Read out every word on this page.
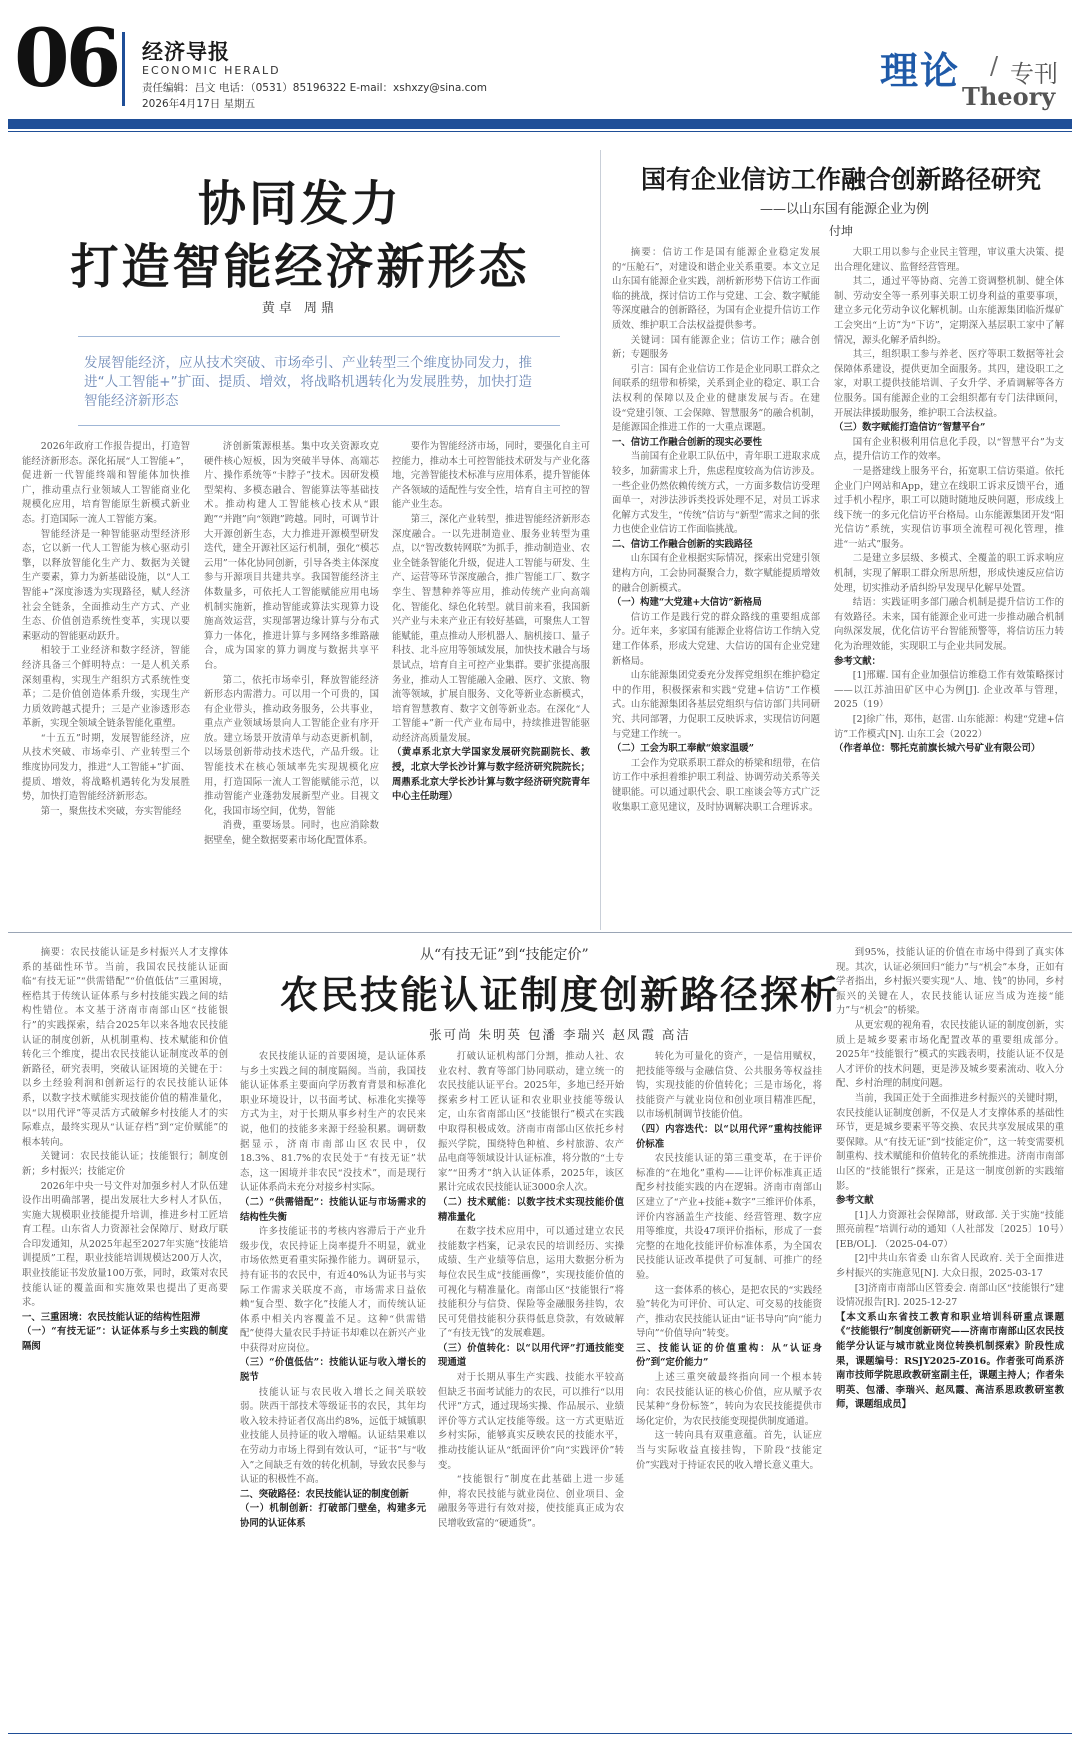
06 经济导报
ECONOMIC HERALD
责任编辑：吕文 电话：（0531）85196322 E-mail：xshxzy@sina.com
2026年4月17日 星期五
理论 / 专刊
Theory
协同发力
打造智能经济新形态
黄卓 周鼎
发展智能经济，应从技术突破、市场牵引、产业转型三个维度协同发力，推进“人工智能+”扩面、提质、增效，将战略机遇转化为发展胜势，加快打造智能经济新形态

2026年政府工作报告提出，打造智能经济新形态。深化拓展“人工智能+”，促进新一代智能终端和智能体加快推广，推动重点行业领域人工智能商业化规模化应用，培育智能原生新模式新业态。打造国际一流人工智能方案。

智能经济是一种智能驱动型经济形态，它以新一代人工智能为核心驱动引擎，以释放智能化生产力、数据为关键生产要素，算力为新基础设施，以“人工智能+”深度渗透为实现路径，赋人经济社会全链条，全面推动生产方式、产业生态、价值创造系统性变革，实现以要素驱动的智能驱动跃升。

相较于工业经济和数字经济，智能经济具备三个鲜明特点：一是人机关系深刻重构，实现生产组织方式系统性变革；二是价值创造体系升级，实现生产力质效跨越式提升；三是产业渗透形态革新，实现全领域全链条智能化重塑。

“十五五”时期，发展智能经济，应从技术突破、市场牵引、产业转型三个维度协同发力，推进“人工智能+”扩面、提质、增效，将战略机遇转化为发展胜势，加快打造智能经济新形态。

第一，聚焦技术突破，夯实智能经

济创新策源根基。集中攻关资源攻克硬件核心短板，因为突破半导体、高端芯片、操作系统等“卡脖子”技术。因研发模型架构、多模态融合、智能算法等基础技术。推动构建人工智能核心技术从“跟跑”“并跑”向“领跑”跨越。同时，可调节计大开源创新生态，大力推进开源模型研发迭代，建全开源社区运行机制，强化“模芯云用”一体化协同创新，引导各类主体深度参与开源项目共建共享。我国智能经济主体数量多，可依托人工智能赋能应用电场机制实施新，推动智能或算法实现算力设施高效运营，实现部署边缘计算与分布式算力一体化，推进计算与多网络多维路融合，成为国家的算力调度与数据共享平台。

第二，依托市场牵引，释放智能经济新形态内需潜力。可以用一个可贵的，国有企业带头，推动政务服务，公共事业，重点产业领域场景向人工智能企业有序开放。建立场景开放清单与动态更新机制，以场景创新带动技术迭代，产品升级。让智能技术在核心领域率先实现规模化应用，打造国际一流人工智能赋能示范，以推动智能产业蓬勃发展新型产业。目视文化，我国市场空间，优势，智能

消费，重要场景。同时，也应消除数据壁垒，健全数据要素市场化配置体系。

要作为智能经济市场，同时，要强化自主可控能力，推动本土可控智能技术研发与产业化落地，完善智能技术标准与应用体系，提升智能体产各领域的适配性与安全性，培育自主可控的智能产业生态。

第三，深化产业转型，推进智能经济新形态深度融合。一以先进制造业、服务业转型为重点，以“智改数转网联”为抓手，推动制造业、农业全链条智能化升级，促进人工智能与研发、生产、运营等环节深度融合，推广智能工厂、数字孪生、智慧种养等应用，推动传统产业向高端化、智能化、绿色化转型。就目前来看，我国新兴产业与未来产业正有较好基础，可聚焦人工智能赋能，重点推动人形机器人、脑机接口、量子科技、北斗应用等领域发展，加快技术融合与场景试点，培育自主可控产业集群。要扩张提高服务业，推动人工智能融入金融、医疗、文旅、物流等领域，扩展自服务、文化等新业态新模式，培育智慧教育、数字文创等新业态。在深化“人工智能+”新一代产业布局中，持续推进智能驱动经济高质量发展。

（黄卓系北京大学国家发展研究院副院长、教授，北京大学长沙计算与数字经济研究院院长；周鼎系北京大学长沙计算与数字经济研究院青年中心主任助理）

国有企业信访工作融合创新路径研究
——以山东国有能源企业为例
付坤

摘要：信访工作是国有能源企业稳定发展的“压舱石”，对建设和谐企业关系重要。本文立足山东国有能源企业实践，剖析新形势下信访工作面临的挑战，探讨信访工作与党建、工会、数字赋能等深度融合的创新路径，为国有企业提升信访工作质效、维护职工合法权益提供参考。

关键词：国有能源企业；信访工作；融合创新；专题服务

引言：国有企业信访工作是企业同职工群众之间联系的纽带和桥梁，关系到企业的稳定、职工合法权利的保障以及企业的健康发展与否。在建设“党建引领、工会保障、智慧服务”的融合机制，是能源国企推进工作的一大重点课题。

一、信访工作融合创新的现实必要性

当前国有企业职工队伍中，青年职工进取求成较多，加薪需求上升，焦虑程度较高为信访涉及。一些企业仍然依赖传统方式，一方面多数信访受理面单一，对涉法涉诉类投诉处理不足，对员工诉求化解方式发生，“传统”信访与“新型”需求之间的张力也使企业信访工作面临挑战。

二、信访工作融合创新的实践路径

山东国有企业根据实际情况，探索出党建引领建构方向，工会协同凝聚合力，数字赋能提质增效的融合创新模式。

（一）构建“大党建+大信访”新格局

信访工作是践行党的群众路线的重要组成部分。近年来，多家国有能源企业将信访工作纳入党建工作体系，形成大党建、大信访的国有企业党建新格局。

山东能源集团党委充分发挥党组织在维护稳定中的作用，积极探索和实践“党建+信访”工作模式。山东能源集团各基层党组织与信访部门共同研究、共同部署，力促职工反映诉求，实现信访问题与党建工作统一。

（二）工会为职工奉献“娘家温暖”

工会作为党联系职工群众的桥梁和纽带，在信访工作中承担着维护职工利益、协调劳动关系等关键职能。可以通过职代会、职工座谈会等方式广泛收集职工意见建议，及时协调解决职工合理诉求。

大职工用以参与企业民主管理，审议重大决策、提出合理化建议、监督经营管理。

其二，通过平等协商、完善工资调整机制、健全体制、劳动安全等一系列事关职工切身利益的重要事项，建立多元化劳动争议化解机制。山东能源集团临沂煤矿工会突出“上访”为“下访”，定期深入基层职工家中了解情况，源头化解矛盾纠纷。

其三，组织职工参与养老、医疗等职工数据等社会保障体系建设，提供更加全面服务。其四，建设职工之家，对职工提供技能培训、子女升学、矛盾调解等各方位服务。国有能源企业的工会组织都有专门法律顾问，开展法律援助服务，维护职工合法权益。

（三）数字赋能打造信访“智慧平台”

国有企业积极利用信息化手段，以“智慧平台”为支点，提升信访工作的效率。

一是搭建线上服务平台，拓宽职工信访渠道。依托企业门户网站和App，建立在线职工诉求反馈平台，通过手机小程序，职工可以随时随地反映问题，形成线上线下统一的多元化信访平台格局。山东能源集团开发“阳光信访”系统，实现信访事项全流程可视化管理，推进“一站式”服务。

二是建立多层级、多模式、全覆盖的职工诉求响应机制，实现了解职工群众所思所想，形成快速反应信访处理，切实推动矛盾纠纷早发现早化解早处置。

结语：实践证明多部门融合机制是提升信访工作的有效路径。未来，国有能源企业可进一步推动融合机制向纵深发展，优化信访平台智能预警等，将信访压力转化为治理效能，实现职工与企业共同发展。

参考文献：

[1]邢耀. 国有企业加强信访维稳工作有效策略探讨——以江苏油田矿区中心为例[J]. 企业改革与管理，2025（19）

[2]徐广伟，郑伟，赵雷. 山东能源：构建“党建+信访”工作模式[N]. 山东工会（2022）

（作者单位：鄂托克前旗长城六号矿业有限公司）

从“有技无证”到“技能定价”
农民技能认证制度创新路径探析
张可尚 朱明英 包潘 李瑞兴 赵凤霞 高洁

摘要：农民技能认证是乡村振兴人才支撑体系的基础性环节。当前，我国农民技能认证面临“有技无证”“供需错配”“价值低估”三重困境，桎梏其于传统认证体系与乡村技能实践之间的结构性错位。本文基于济南市南部山区“技能银行”的实践探索，结合2025年以来各地农民技能认证的制度创新，从机制重构、技术赋能和价值转化三个维度，提出农民技能认证制度改革的创新路径，研究表明，突破认证困境的关键在于：以乡土经验利润和创新运行的农民技能认证体系，以数字技术赋能实现技能价值的精准量化，以“以用代评”等灵活方式破解乡村技能人才的实际难点，最终实现从“认证存档”到“定价赋能”的根本转向。

关键词：农民技能认证；技能银行；制度创新；乡村振兴；技能定价

2026年中央一号文件对加强乡村人才队伍建设作出明确部署，提出发展壮大乡村人才队伍，实施大规模职业技能提升培训，推进乡村工匠培育工程。山东省人力资源社会保障厅、财政厅联合印发通知，从2025年起至2027年实施“技能培训提质”工程，职业技能培训规模达200万人次，职业技能证书发放量100万张，同时，政策对农民技能认证的覆盖面和实施效果也提出了更高要求。

一、三重困境：农民技能认证的结构性阻滞

（一）“有技无证”：认证体系与乡土实践的制度隔阂

农民技能认证的首要困境，是认证体系与乡土实践之间的制度隔阂。当前，我国技能认证体系主要面向学历教育背景和标准化职业环境设计，以书面考试、标准化实操等方式为主，对于长期从事乡村生产的农民来说，他们的技能多来源于经验积累。调研数据显示，济南市南部山区农民中，仅18.3%、81.7%的农民处于“有技无证”状态，这一困境并非农民“没技术”，而是现行认证体系尚未充分对接乡村实际。

（二）“供需错配”：技能认证与市场需求的结构性失衡

许多技能证书的考核内容滞后于产业升级步伐，农民持证上岗率提升不明显，就业市场依然更看重实际操作能力。调研显示，持有证书的农民中，有近40%认为证书与实际工作需求关联度不高，市场需求日益依赖“复合型、数字化”技能人才，而传统认证体系中相关内容覆盖不足。这种“供需错配”使得大量农民手持证书却难以在新兴产业中获得对应岗位。

（三）“价值低估”：技能认证与收入增长的脱节

技能认证与农民收入增长之间关联较弱。陕西干部技术等级证书的农民，其年均收入较未持证者仅高出约8%，远低于城镇职业技能人员持证的收入增幅。认证结果难以在劳动力市场上得到有效认可，“证书”与“收入”之间缺乏有效的转化机制，导致农民参与认证的积极性不高。

二、突破路径：农民技能认证的制度创新

（一）机制创新：打破部门壁垒，构建多元协同的认证体系

打破认证机构部门分割，推动人社、农业农村、教育等部门协同联动，建立统一的农民技能认证平台。2025年，多地已经开始探索乡村工匠认证和农业职业技能等级认定，山东省南部山区“技能银行”模式在实践中取得积极成效。济南市南部山区依托乡村振兴学院，围绕特色种植、乡村旅游、农产品电商等领域设计认证标准，将分散的“土专家”“田秀才”纳入认证体系，2025年，该区累计完成农民技能认证3000余人次。

（二）技术赋能：以数字技术实现技能价值精准量化

在数字技术应用中，可以通过建立农民技能数字档案，记录农民的培训经历、实操成绩、生产业绩等信息，运用大数据分析为每位农民生成“技能画像”，实现技能价值的可视化与精准量化。南部山区“技能银行”将技能积分与信贷、保险等金融服务挂钩，农民可凭借技能积分获得低息贷款，有效破解了“有技无钱”的发展难题。

（三）价值转化：以“以用代评”打通技能变现通道

对于长期从事生产实践、技能水平较高但缺乏书面考试能力的农民，可以推行“以用代评”方式，通过现场实操、作品展示、业绩评价等方式认定技能等级。这一方式更贴近乡村实际，能够真实反映农民的技能水平，推动技能认证从“纸面评价”向“实践评价”转变。

“技能银行”制度在此基础上进一步延伸，将农民技能与就业岗位、创业项目、金融服务等进行有效对接，使技能真正成为农民增收致富的“硬通货”。

转化为可量化的资产，一是信用赋权，把技能等级与金融信贷、公共服务等权益挂钩，实现技能的价值转化；三是市场化，将技能资产与就业岗位和创业项目精准匹配，以市场机制调节技能价值。

（四）内容迭代：以“以用代评”重构技能评价标准

农民技能认证的第三重变革，在于评价标准的“在地化”重构——让评价标准真正适配乡村技能实践的内在逻辑。济南市南部山区建立了“产业+技能+数字”三维评价体系，评价内容涵盖生产技能、经营管理、数字应用等维度，共设47项评价指标，形成了一套完整的在地化技能评价标准体系，为全国农民技能认证改革提供了可复制、可推广的经验。

这一套体系的核心，是把农民的“实践经验”转化为可评价、可认定、可交易的技能资产，推动农民技能认证由“证书导向”向“能力导向”“价值导向”转变。

三、技能认证的价值重构：从“认证身份”到“定价能力”

上述三重突破最终指向同一个根本转向：农民技能认证的核心价值，应从赋予农民某种“身份标签”，转向为农民技能提供市场化定价，为农民技能变现提供制度通道。

这一转向具有双重意蕴。首先，认证应当与实际收益直接挂钩，下阶段“技能定价”实践对于持证农民的收入增长意义重大。

到95%，技能认证的价值在市场中得到了真实体现。其次，认证必须回归“能力”与“机会”本身，正如有学者指出，乡村振兴要实现“人、地、钱”的协同，乡村振兴的关键在人，农民技能认证应当成为连接“能力”与“机会”的桥梁。

从更宏观的视角看，农民技能认证的制度创新，实质上是城乡要素市场化配置改革的重要组成部分。2025年“技能银行”模式的实践表明，技能认证不仅是人才评价的技术问题，更是涉及城乡要素流动、收入分配、乡村治理的制度问题。

当前，我国正处于全面推进乡村振兴的关键时期，农民技能认证制度创新，不仅是人才支撑体系的基础性环节，更是城乡要素平等交换、农民共享发展成果的重要保障。从“有技无证”到“技能定价”，这一转变需要机制重构、技术赋能和价值转化的系统推进。济南市南部山区的“技能银行”探索，正是这一制度创新的实践缩影。

参考文献

[1]人力资源社会保障部，财政部. 关于实施“技能照亮前程”培训行动的通知（人社部发〔2025〕10号）[EB/OL]. （2025-04-07）

[2]中共山东省委 山东省人民政府. 关于全面推进乡村振兴的实施意见[N]. 大众日报，2025-03-17

[3]济南市南部山区管委会. 南部山区“技能银行”建设情况报告[R]. 2025-12-27

【本文系山东省技工教育和职业培训科研重点课题《“技能银行”制度创新研究——济南市南部山区农民技能学分认证与城市就业岗位转换机制探索》阶段性成果，课题编号：RSJY2025-Z016。作者张可尚系济南市技师学院思政教研室副主任，课题主持人；作者朱明英、包潘、李瑞兴、赵凤霞、高洁系思政教研室教师，课题组成员】
